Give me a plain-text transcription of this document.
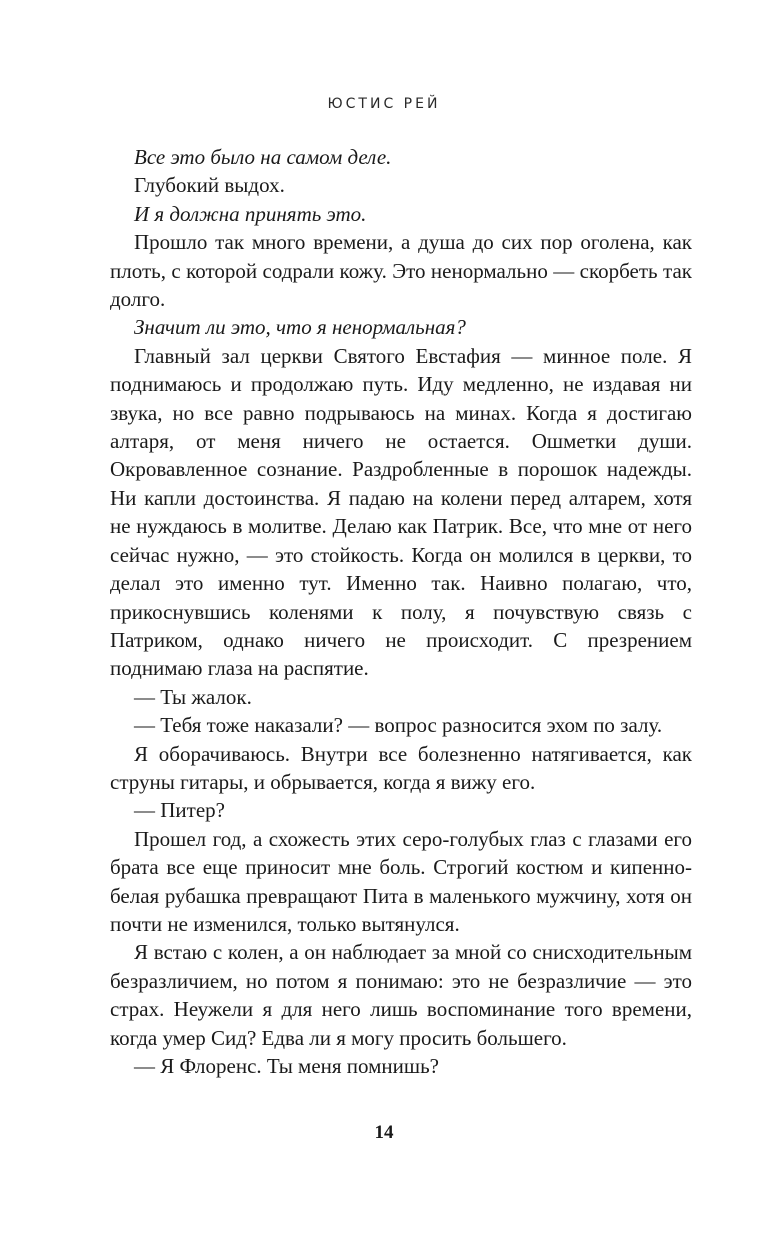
ЮСТИС РЕЙ

Все это было на самом деле.

Глубокий выдох.

И я должна принять это.

Прошло так много времени, а душа до сих пор оголена, как плоть, с которой содрали кожу. Это ненормально — скорбеть так долго.

Значит ли это, что я ненормальная?

Главный зал церкви Святого Евстафия — минное поле. Я поднимаюсь и продолжаю путь. Иду медленно, не издавая ни звука, но все равно подрываюсь на минах. Когда я достигаю алтаря, от меня ничего не остается. Ошметки души. Окровавленное сознание. Раздробленные в порошок надежды. Ни капли достоинства. Я падаю на колени перед алтарем, хотя не нуждаюсь в молитве. Делаю как Патрик. Все, что мне от него сейчас нужно, — это стойкость. Когда он молился в церкви, то делал это именно тут. Именно так. Наивно полагаю, что, прикоснувшись коленями к полу, я почувствую связь с Патриком, однако ничего не происходит. С презрением поднимаю глаза на распятие.

— Ты жалок.

— Тебя тоже наказали? — вопрос разносится эхом по залу.

Я оборачиваюсь. Внутри все болезненно натягивается, как струны гитары, и обрывается, когда я вижу его.

— Питер?

Прошел год, а схожесть этих серо-голубых глаз с глазами его брата все еще приносит мне боль. Строгий костюм и кипенно-белая рубашка превращают Пита в маленького мужчину, хотя он почти не изменился, только вытянулся.

Я встаю с колен, а он наблюдает за мной со снисходительным безразличием, но потом я понимаю: это не безразличие — это страх. Неужели я для него лишь воспоминание того времени, когда умер Сид? Едва ли я могу просить большего.

— Я Флоренс. Ты меня помнишь?

14
